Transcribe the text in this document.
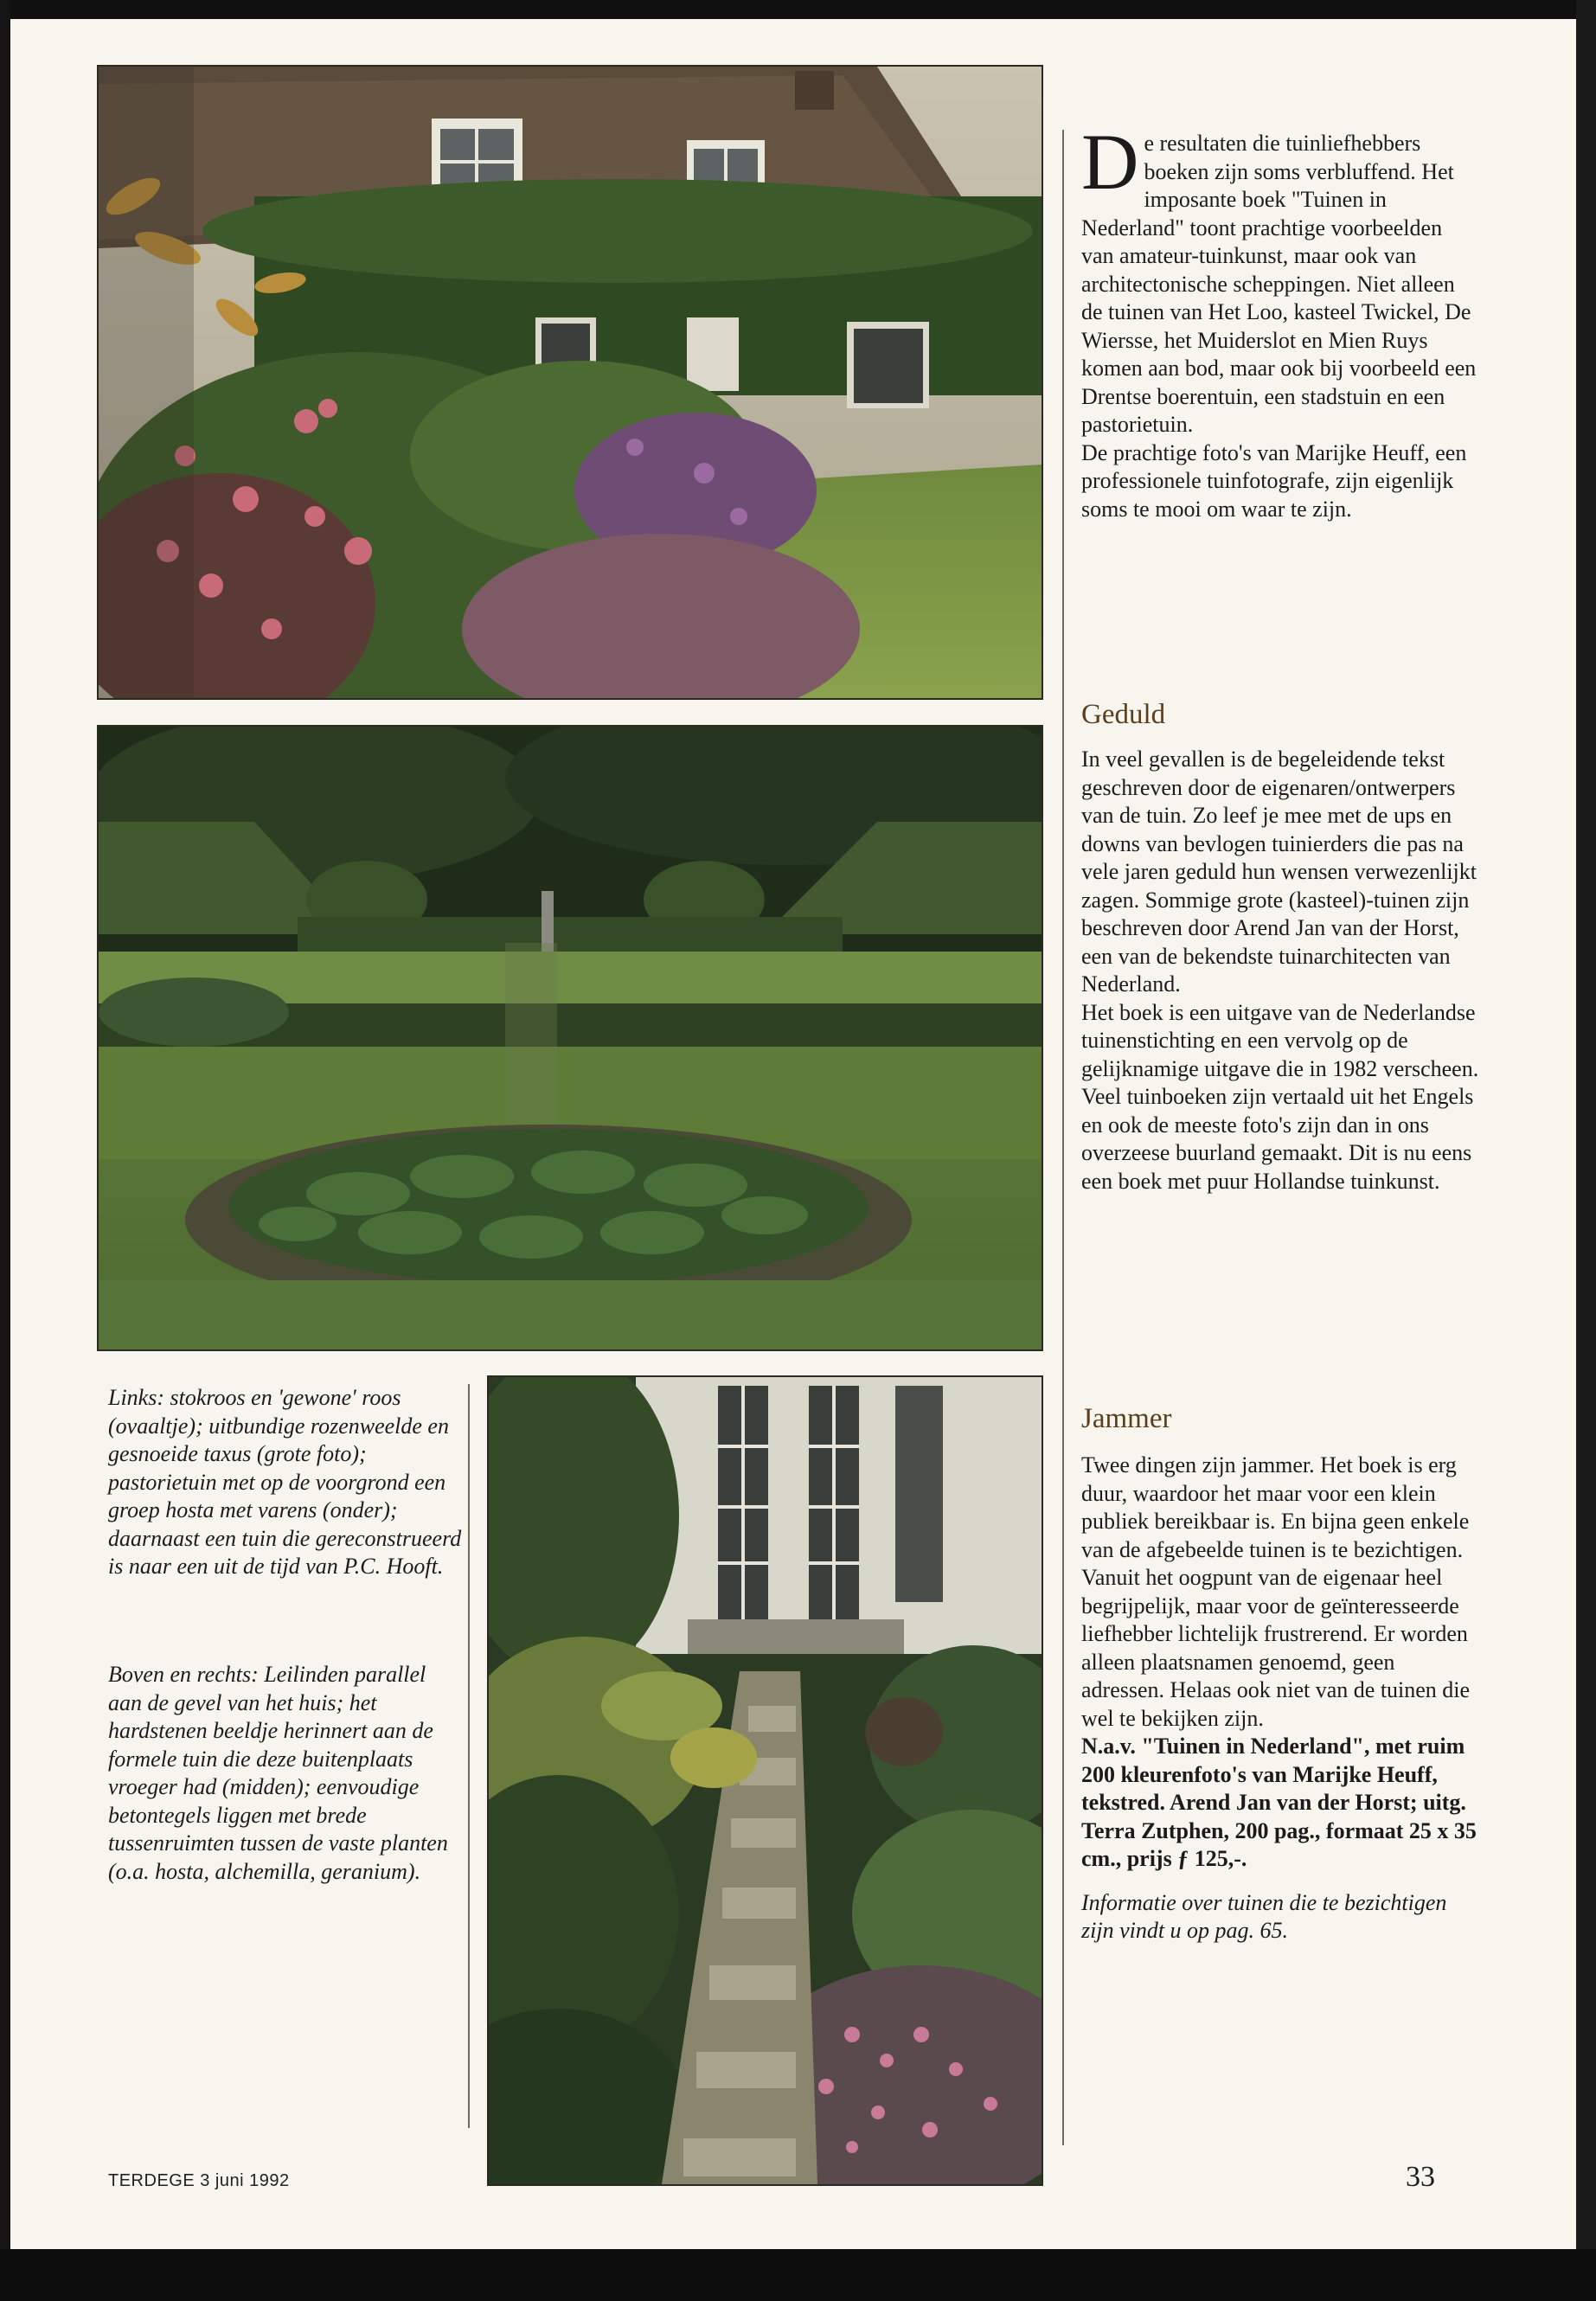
De resultaten die tuinliefhebbers boeken zijn soms verbluffend. Het imposante boek "Tuinen in Nederland" toont prachtige voorbeelden van amateur-tuinkunst, maar ook van architectonische scheppingen. Niet alleen de tuinen van Het Loo, kasteel Twickel, De Wiersse, het Muiderslot en Mien Ruys komen aan bod, maar ook bij voorbeeld een Drentse boerentuin, een stadstuin en een pastorietuin.

De prachtige foto's van Marijke Heuff, een professionele tuinfotografe, zijn eigenlijk soms te mooi om waar te zijn.

Geduld

In veel gevallen is de begeleidende tekst geschreven door de eigenaren/ontwerpers van de tuin. Zo leef je mee met de ups en downs van bevlogen tuinierders die pas na vele jaren geduld hun wensen verwezenlijkt zagen. Sommige grote (kasteel)-tuinen zijn beschreven door Arend Jan van der Horst, een van de bekendste tuinarchitecten van Nederland.

Het boek is een uitgave van de Nederlandse tuinenstichting en een vervolg op de gelijknamige uitgave die in 1982 verscheen. Veel tuinboeken zijn vertaald uit het Engels en ook de meeste foto's zijn dan in ons overzeese buurland gemaakt. Dit is nu eens een boek met puur Hollandse tuinkunst.

Jammer

Twee dingen zijn jammer. Het boek is erg duur, waardoor het maar voor een klein publiek bereikbaar is. En bijna geen enkele van de afgebeelde tuinen is te bezichtigen. Vanuit het oogpunt van de eigenaar heel begrijpelijk, maar voor de geïnteresseerde liefhebber lichtelijk frustrerend. Er worden alleen plaatsnamen genoemd, geen adressen. Helaas ook niet van de tuinen die wel te bekijken zijn.

N.a.v. "Tuinen in Nederland", met ruim 200 kleurenfoto's van Marijke Heuff, tekstred. Arend Jan van der Horst; uitg. Terra Zutphen, 200 pag., formaat 25 x 35 cm., prijs ƒ 125,-.

Informatie over tuinen die te bezichtigen zijn vindt u op pag. 65.

Links: stokroos en 'gewone' roos (ovaaltje); uitbundige rozenweelde en gesnoeide taxus (grote foto); pastorietuin met op de voorgrond een groep hosta met varens (onder); daarnaast een tuin die gereconstrueerd is naar een uit de tijd van P.C. Hooft.
Boven en rechts: Leilinden parallel aan de gevel van het huis; het hardstenen beeldje herinnert aan de formele tuin die deze buitenplaats vroeger had (midden); eenvoudige betontegels liggen met brede tussenruimten tussen de vaste planten (o.a. hosta, alchemilla, geranium).
TERDEGE 3 juni 1992	33
